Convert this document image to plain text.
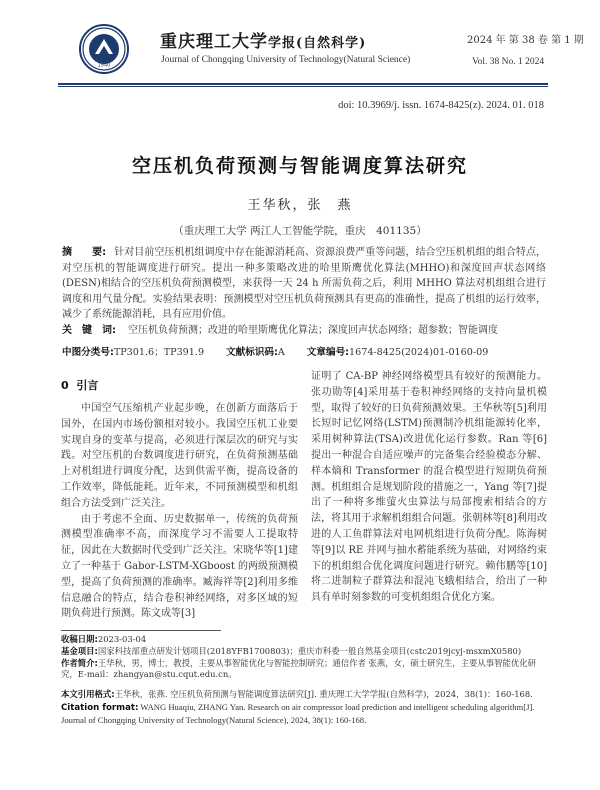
1940
重庆理工大学学报(自然科学)
Journal of Chongqing University of Technology(Natural Science)
2024 年 第 38 卷 第 1 期
Vol. 38 No. 1 2024
doi: 10.3969/j. issn. 1674-8425(z). 2024. 01. 018
空压机负荷预测与智能调度算法研究
王华秋，张　燕
（重庆理工大学 两江人工智能学院，重庆　401135）
摘　　要: 针对目前空压机机组调度中存在能源消耗高、资源浪费严重等问题，结合空压机机组的组合特点，对空压机的智能调度进行研究。提出一种多策略改进的哈里斯鹰优化算法(MHHO)和深度回声状态网络(DESN)相结合的空压机负荷预测模型，来获得一天 24 h 所需负荷之后，利用 MHHO 算法对机组组合进行调度和用气量分配。实验结果表明：预测模型对空压机负荷预测具有更高的准确性，提高了机组的运行效率，减少了系统能源消耗，具有应用价值。
关　键　词: 空压机负荷预测；改进的哈里斯鹰优化算法；深度回声状态网络；超参数；智能调度
中图分类号:TP301.6；TP391.9 文献标识码:A 文章编号:1674-8425(2024)01-0160-09
0 引言

中国空气压缩机产业起步晚，在创新方面落后于国外，在国内市场份额相对较小。我国空压机工业要实现自身的变革与提高，必须进行深层次的研究与实践。对空压机的台数调度进行研究，在负荷预测基础上对机组进行调度分配，达到供需平衡，提高设备的工作效率，降低能耗。近年来，不同预测模型和机组组合方法受到广泛关注。

由于考虑不全面、历史数据单一，传统的负荷预测模型准确率不高，而深度学习不需要人工提取特征，因此在大数据时代受到广泛关注。宋晓华等[1]建立了一种基于 Gabor-LSTM-XGboost 的两级预测模型，提高了负荷预测的准确率。臧海祥等[2]利用多维信息融合的特点，结合卷积神经网络，对多区域的短期负荷进行预测。陈文成等[3]

证明了 CA-BP 神经网络模型具有较好的预测能力。张功勋等[4]采用基于卷积神经网络的支持向量机模型，取得了较好的日负荷预测效果。王华秋等[5]利用长短时记忆网络(LSTM)预测制冷机组能源转化率，采用树种算法(TSA)改进优化运行参数。Ran 等[6]提出一种混合自适应噪声的完备集合经验模态分解、样本熵和 Transformer 的混合模型进行短期负荷预测。机组组合是规划阶段的措施之一，Yang 等[7]提出了一种将多维萤火虫算法与局部搜索相结合的方法，将其用于求解机组组合问题。张朝林等[8]利用改进的人工鱼群算法对电网机组进行负荷分配。陈海树等[9]以 RE 并网与抽水蓄能系统为基础，对网络约束下的机组组合优化调度问题进行研究。赖伟鹏等[10]将二进制粒子群算法和混沌飞蛾相结合，给出了一种具有单时刻参数的可变机组组合优化方案。

收稿日期:2023-03-04
基金项目:国家科技部重点研发计划项目(2018YFB1700803)；重庆市科委一般自然基金项目(cstc2019jcyj-msxmX0580)
作者简介:王华秋，男，博士，教授，主要从事智能优化与智能控制研究；通信作者 张燕，女，硕士研究生，主要从事智能优化研究，E-mail：zhangyan@stu.cqut.edu.cn。
本文引用格式:王华秋，张燕. 空压机负荷预测与智能调度算法研究[J]. 重庆理工大学学报(自然科学)，2024，38(1)：160-168.
Citation format: WANG Huaqiu, ZHANG Yan. Research on air compressor load prediction and intelligent scheduling algorithm[J]. Journal of Chongqing University of Technology(Natural Science), 2024, 38(1): 160-168.
